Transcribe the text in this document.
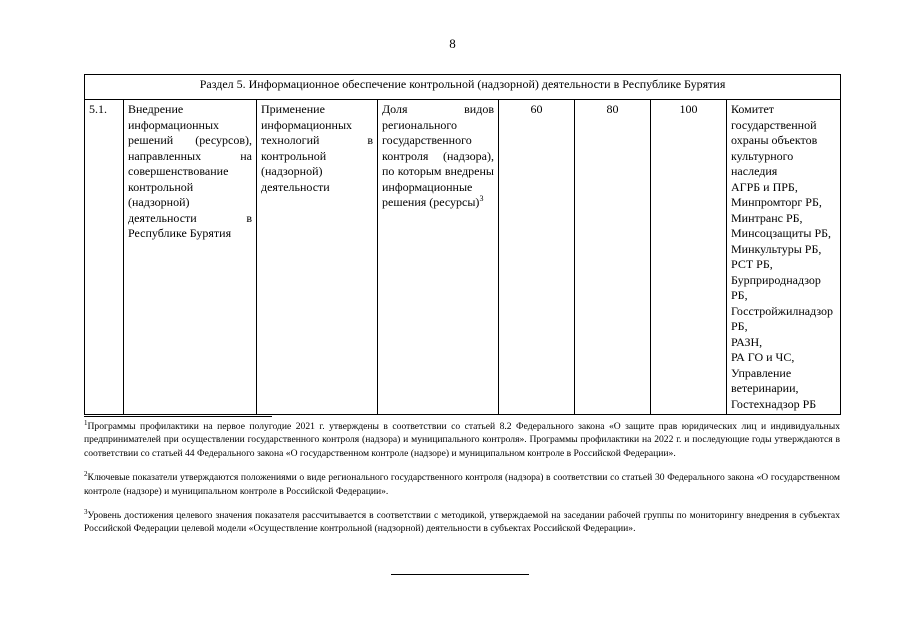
8
Раздел 5. Информационное обеспечение контрольной (надзорной) деятельности в Республике Бурятия
5.1.	Внедрение информационных решений (ресурсов), направленных на совершенствование контрольной (надзорной) деятельности в Республике Бурятия	Применение информационных технологий в контрольной (надзорной) деятельности	Доля видов регионального государственного контроля (надзора), по которым внедрены информационные решения (ресурсы)$^3$	60	80	100	Комитет государственной охраны объектов культурного наследия
АГРБ и ПРБ,
Минпромторг РБ,
Минтранс РБ,
Минсоцзащиты РБ,
Минкультуры РБ,
РСТ РБ,
Бурприроднадзор РБ,
Госстройжилнадзор РБ,
РАЗН,
РА ГО и ЧС,
Управление ветеринарии,
Гостехнадзор РБ

$^1$Программы профилактики на первое полугодие 2021 г. утверждены в соответствии со статьей 8.2 Федерального закона «О защите прав юридических лиц и индивидуальных предпринимателей при осуществлении государственного контроля (надзора) и муниципального контроля». Программы профилактики на 2022 г. и последующие годы утверждаются в соответствии со статьей 44 Федерального закона «О государственном контроле (надзоре) и муниципальном контроле в Российской Федерации».

$^2$Ключевые показатели утверждаются положениями о виде регионального государственного контроля (надзора) в соответствии со статьей 30 Федерального закона «О государственном контроле (надзоре) и муниципальном контроле в Российской Федерации».

$^3$Уровень достижения целевого значения показателя рассчитывается в соответствии с методикой, утверждаемой на заседании рабочей группы по мониторингу внедрения в субъектах Российской Федерации целевой модели «Осуществление контрольной (надзорной) деятельности в субъектах Российской Федерации».
